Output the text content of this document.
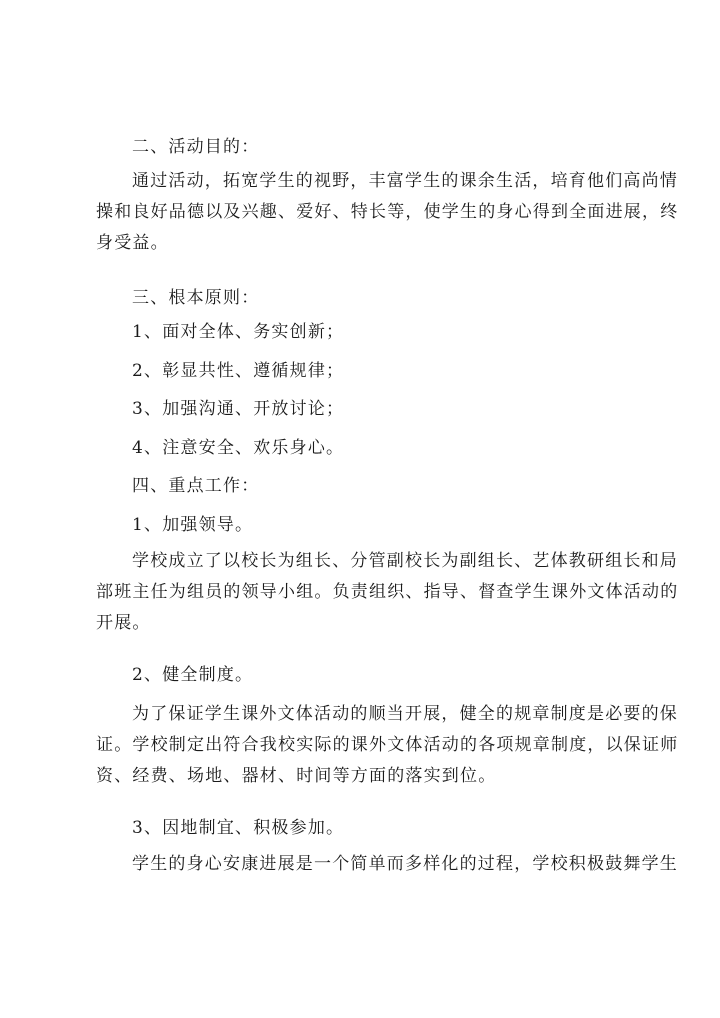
二、活动目的：

通过活动，拓宽学生的视野，丰富学生的课余生活，培育他们高尚情
操和良好品德以及兴趣、爱好、特长等，使学生的身心得到全面进展，终
身受益。

三、根本原则：

1、面对全体、务实创新；

2、彰显共性、遵循规律；

3、加强沟通、开放讨论；

4、注意安全、欢乐身心。

四、重点工作：

1、加强领导。

学校成立了以校长为组长、分管副校长为副组长、艺体教研组长和局
部班主任为组员的领导小组。负责组织、指导、督查学生课外文体活动的
开展。

2、健全制度。

为了保证学生课外文体活动的顺当开展，健全的规章制度是必要的保
证。学校制定出符合我校实际的课外文体活动的各项规章制度，以保证师
资、经费、场地、器材、时间等方面的落实到位。

3、因地制宜、积极参加。

学生的身心安康进展是一个简单而多样化的过程，学校积极鼓舞学生
